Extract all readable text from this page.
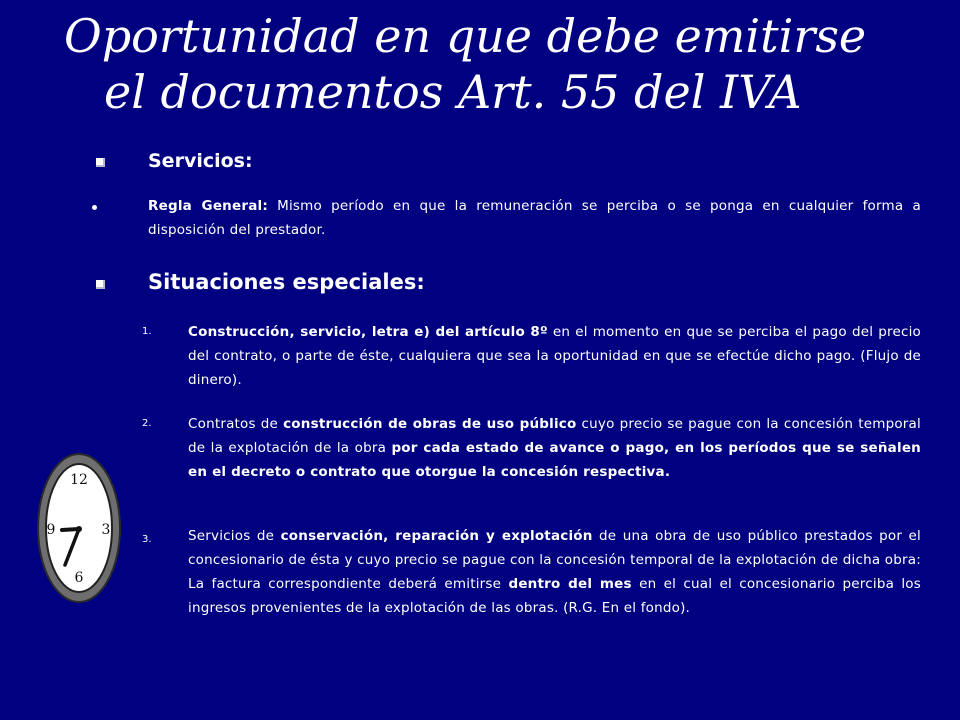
Oportunidad en que debe emitirse
el documentos Art. 55 del IVA
Servicios:
Regla General: Mismo período en que la remuneración se perciba o se ponga en cualquier forma a disposición del prestador.
Situaciones especiales:
1.	Construcción, servicio, letra e) del artículo 8º en el momento en que se perciba el pago del precio del contrato, o parte de éste, cualquiera que sea la oportunidad en que se efectúe dicho pago. (Flujo de dinero).
2.	Contratos de construcción de obras de uso público cuyo precio se pague con la concesión temporal de la explotación de la obra por cada estado de avance o pago, en los períodos que se señalen en el decreto o contrato que otorgue la concesión respectiva.
3.	Servicios de conservación, reparación y explotación de una obra de uso público prestados por el concesionario de ésta y cuyo precio se pague con la concesión temporal de la explotación de dicha obra: La factura correspondiente deberá emitirse dentro del mes en el cual el concesionario perciba los ingresos provenientes de la explotación de las obras. (R.G. En el fondo).
12
3
6
9
